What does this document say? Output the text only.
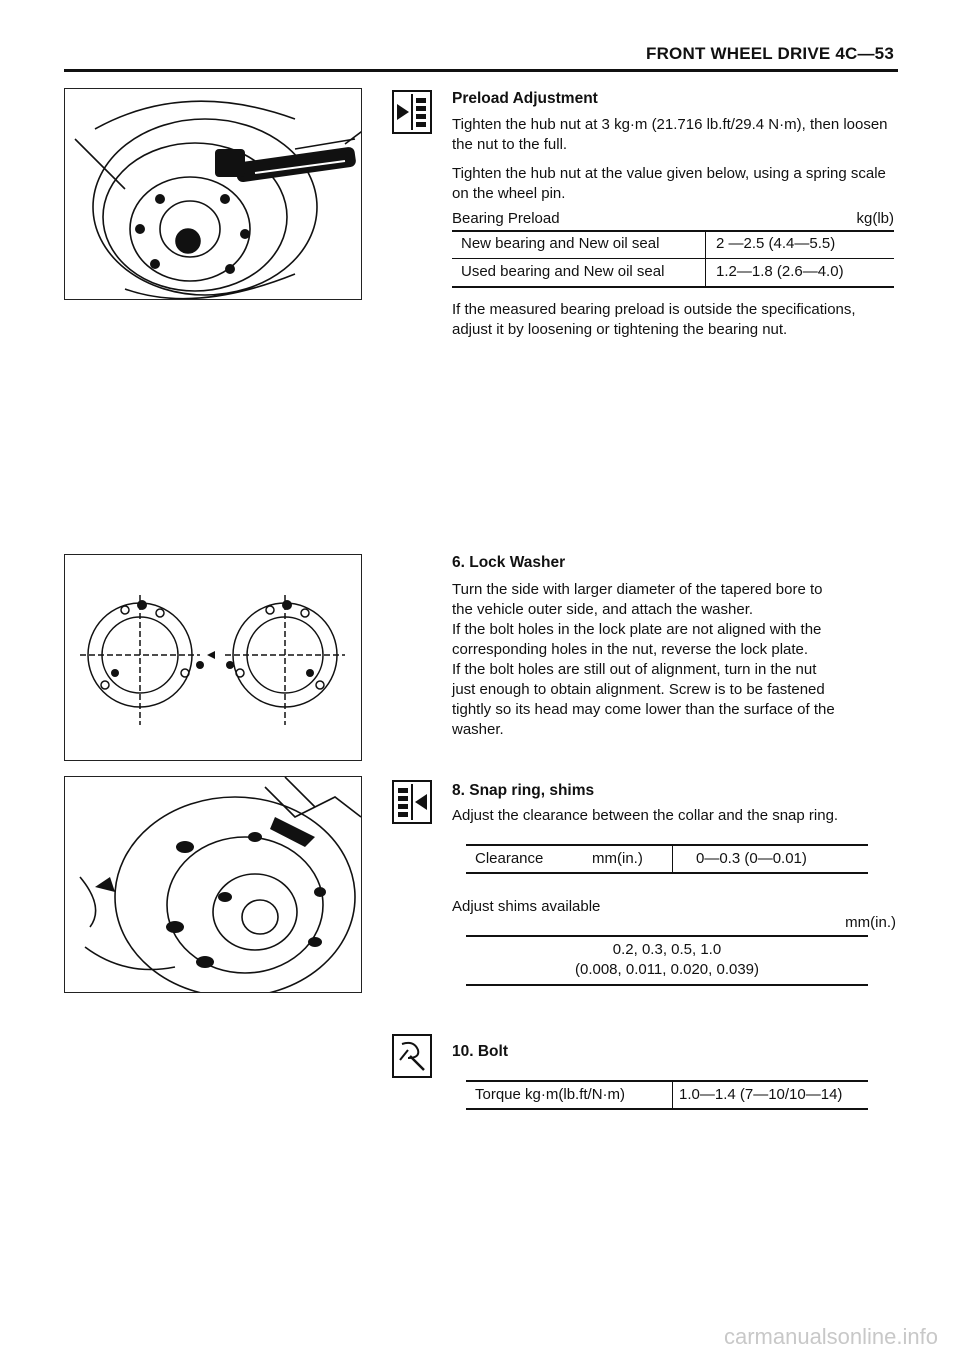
FRONT WHEEL DRIVE 4C—53
Preload Adjustment
Tighten the hub nut at 3 kg·m (21.716 lb.ft/29.4 N·m), then loosen the nut to the full.
Tighten the hub nut at the value given below, using a spring scale on the wheel pin.
Bearing Preload	kg(lb)
New bearing and New oil seal	2 —2.5 (4.4—5.5)
Used bearing and New oil seal	1.2—1.8 (2.6—4.0)
If the measured bearing preload is outside the specifications, adjust it by loosening or tightening the bearing nut.
6. Lock Washer
Turn the side with larger diameter of the tapered bore to
the vehicle outer side, and attach the washer.
If the bolt holes in the lock plate are not aligned with the
corresponding holes in the nut, reverse the lock plate.
If the bolt holes are still out of alignment, turn in the nut
just enough to obtain alignment. Screw is to be fastened
tightly so its head may come lower than the surface of the
washer.
8. Snap ring, shims
Adjust the clearance between the collar and the snap ring.
Clearance	mm(in.)	0—0.3 (0—0.01)
Adjust shims available
mm(in.)
0.2, 0.3, 0.5, 1.0
(0.008, 0.011, 0.020, 0.039)
10. Bolt
Torque kg·m(lb.ft/N·m)	1.0—1.4 (7—10/10—14)
carmanualsonline.info
